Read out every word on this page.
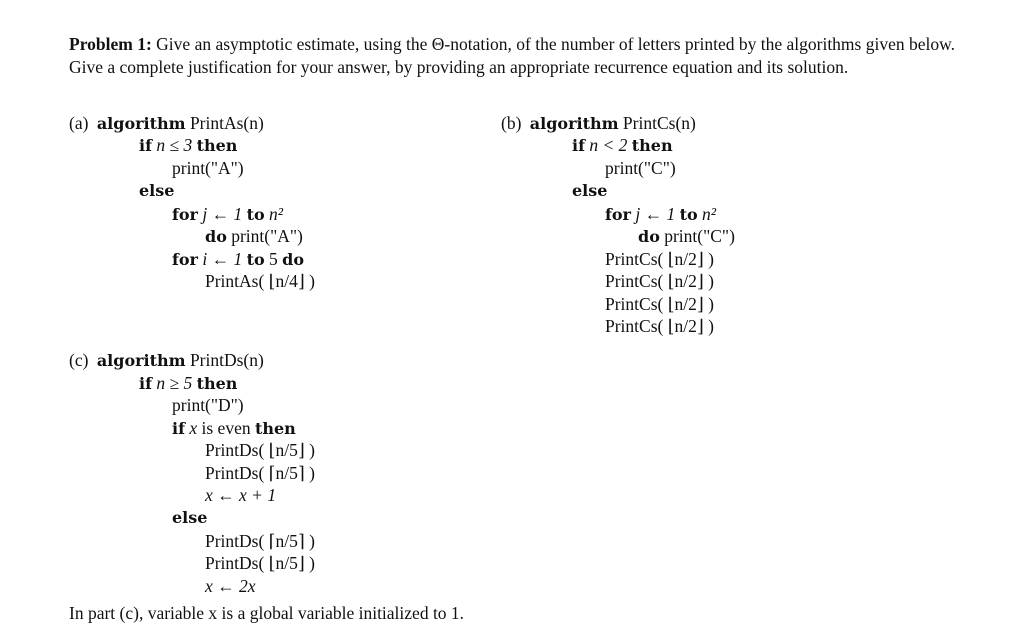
Problem 1: Give an asymptotic estimate, using the Θ-notation, of the number of letters printed by the algorithms given below. Give a complete justification for your answer, by providing an appropriate recurrence equation and its solution.
(a) algorithm PrintAs(n)
if n ≤ 3 then
print("A")
else
for j ← 1 to n²
do print("A")
for i ← 1 to 5 do
PrintAs( ⌊n/4⌋ )
(b) algorithm PrintCs(n)
if n < 2 then
print("C")
else
for j ← 1 to n²
do print("C")
PrintCs( ⌊n/2⌋ )
PrintCs( ⌊n/2⌋ )
PrintCs( ⌊n/2⌋ )
PrintCs( ⌊n/2⌋ )
(c) algorithm PrintDs(n)
if n ≥ 5 then
print("D")
if x is even then
PrintDs( ⌊n/5⌋ )
PrintDs( ⌈n/5⌉ )
x ← x + 1
else
PrintDs( ⌈n/5⌉ )
PrintDs( ⌊n/5⌋ )
x ← 2x
In part (c), variable x is a global variable initialized to 1.
